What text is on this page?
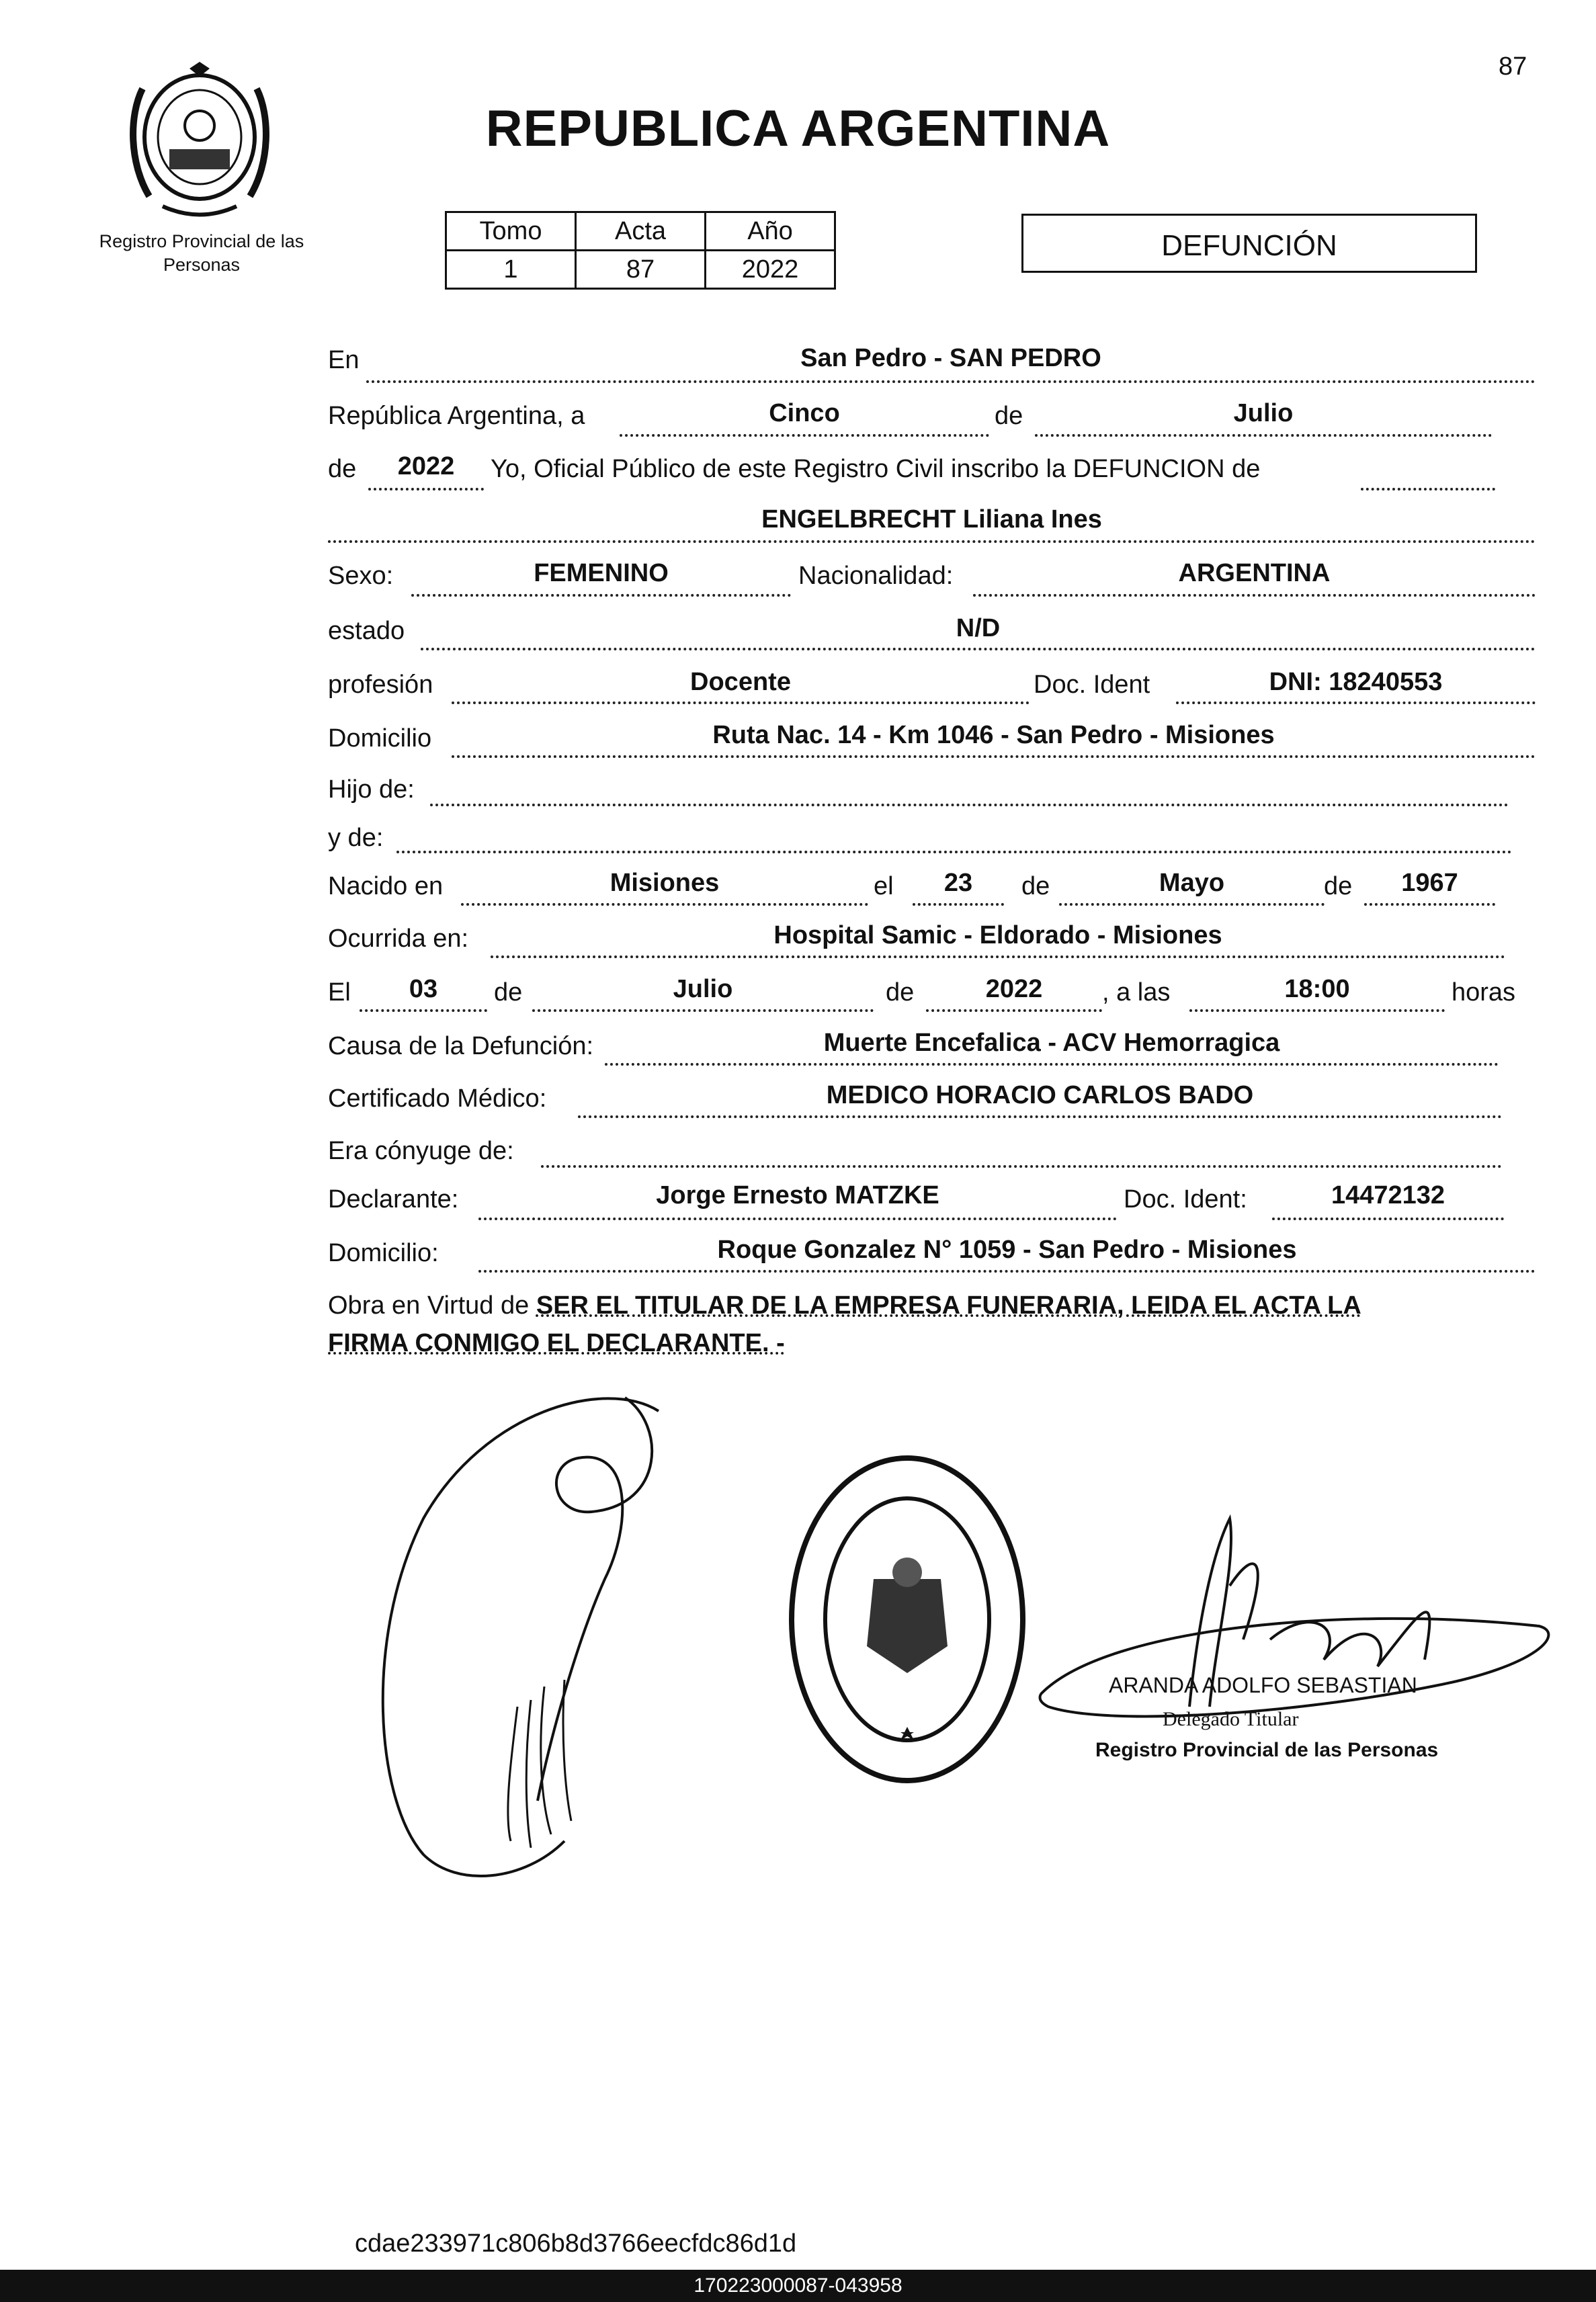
87
Registro Provincial de las Personas
REPUBLICA ARGENTINA
Tomo	Acta	Año
1	87	2022
DEFUNCIÓN
En	San Pedro - SAN PEDRO
República Argentina, a	Cinco	de	Julio
de	2022	Yo, Oficial Público de este Registro Civil inscribo la DEFUNCION de
ENGELBRECHT Liliana Ines
Sexo:	FEMENINO	Nacionalidad:	ARGENTINA
estado	N/D
profesión	Docente	Doc. Ident	DNI: 18240553
Domicilio	Ruta Nac. 14 - Km 1046 - San Pedro - Misiones
Hijo de:
y de:
Nacido en	Misiones	el	23	de	Mayo	de	1967
Ocurrida en:	Hospital Samic - Eldorado - Misiones
El	03	de	Julio	de	2022	, a las	18:00	horas
Causa de la Defunción:	Muerte Encefalica - ACV Hemorragica
Certificado Médico:	MEDICO HORACIO CARLOS BADO
Era cónyuge de:
Declarante:	Jorge Ernesto MATZKE	Doc. Ident:	14472132
Domicilio:	Roque Gonzalez N° 1059 - San Pedro - Misiones
Obra en Virtud de SER EL TITULAR DE LA EMPRESA FUNERARIA, LEIDA EL ACTA LA
FIRMA CONMIGO EL DECLARANTE. -
ARANDA ADOLFO SEBASTIAN
Delegado Titular
Registro Provincial de las Personas
cdae233971c806b8d3766eecfdc86d1d
170223000087-043958
